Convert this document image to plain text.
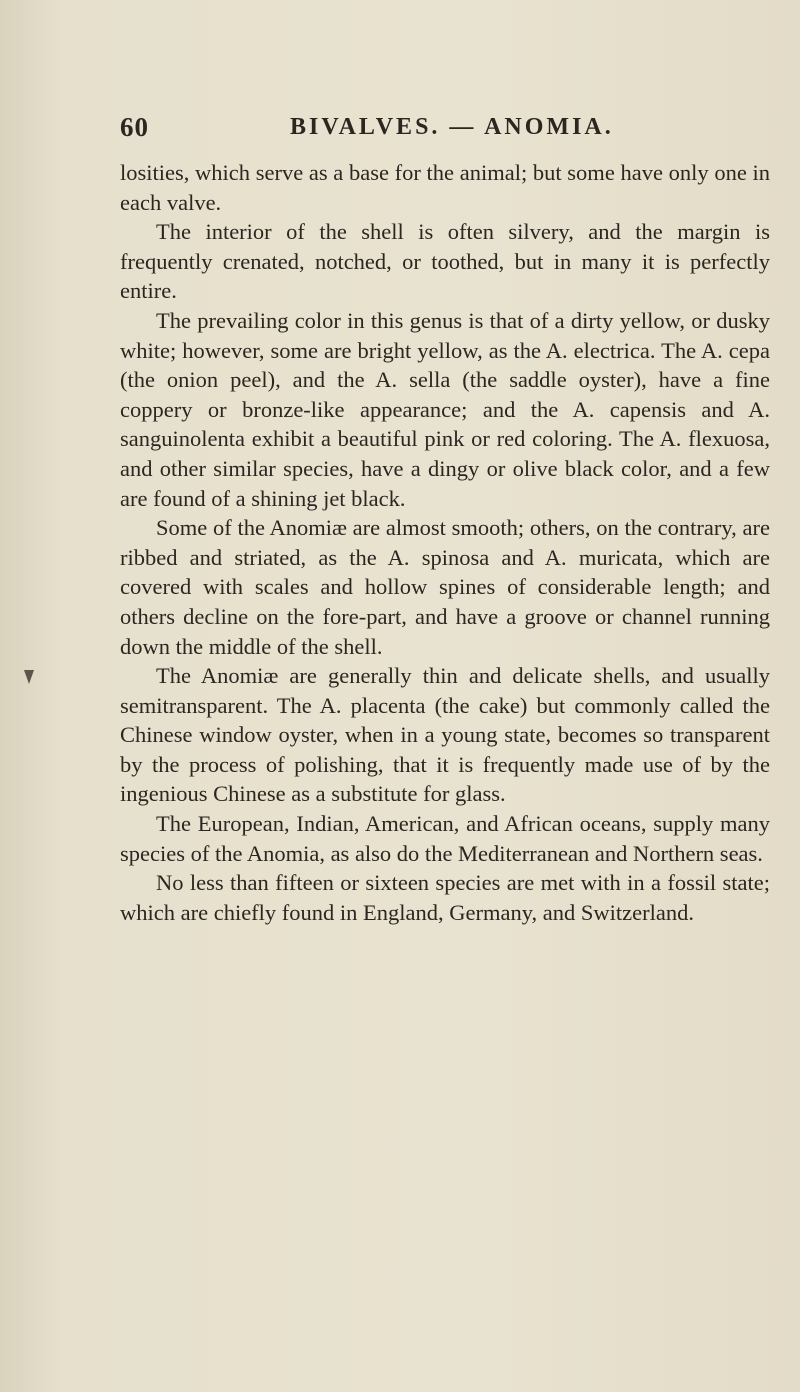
60	BIVALVES. — ANOMIA.

losities, which serve as a base for the animal; but some have only one in each valve.

The interior of the shell is often silvery, and the margin is frequently crenated, notched, or toothed, but in many it is perfectly entire.

The prevailing color in this genus is that of a dirty yellow, or dusky white; however, some are bright yellow, as the A. electrica. The A. cepa (the onion peel), and the A. sella (the saddle oyster), have a fine coppery or bronze-like appearance; and the A. capensis and A. sanguinolenta exhibit a beautiful pink or red coloring. The A. flexuosa, and other similar species, have a dingy or olive black color, and a few are found of a shining jet black.

Some of the Anomiæ are almost smooth; others, on the contrary, are ribbed and striated, as the A. spinosa and A. muricata, which are covered with scales and hollow spines of considerable length; and others decline on the fore-part, and have a groove or channel running down the middle of the shell.

The Anomiæ are generally thin and delicate shells, and usually semitransparent. The A. placenta (the cake) but commonly called the Chinese window oyster, when in a young state, becomes so transparent by the process of polishing, that it is frequently made use of by the ingenious Chinese as a substitute for glass.

The European, Indian, American, and African oceans, supply many species of the Anomia, as also do the Mediterranean and Northern seas.

No less than fifteen or sixteen species are met with in a fossil state; which are chiefly found in England, Germany, and Switzerland.
